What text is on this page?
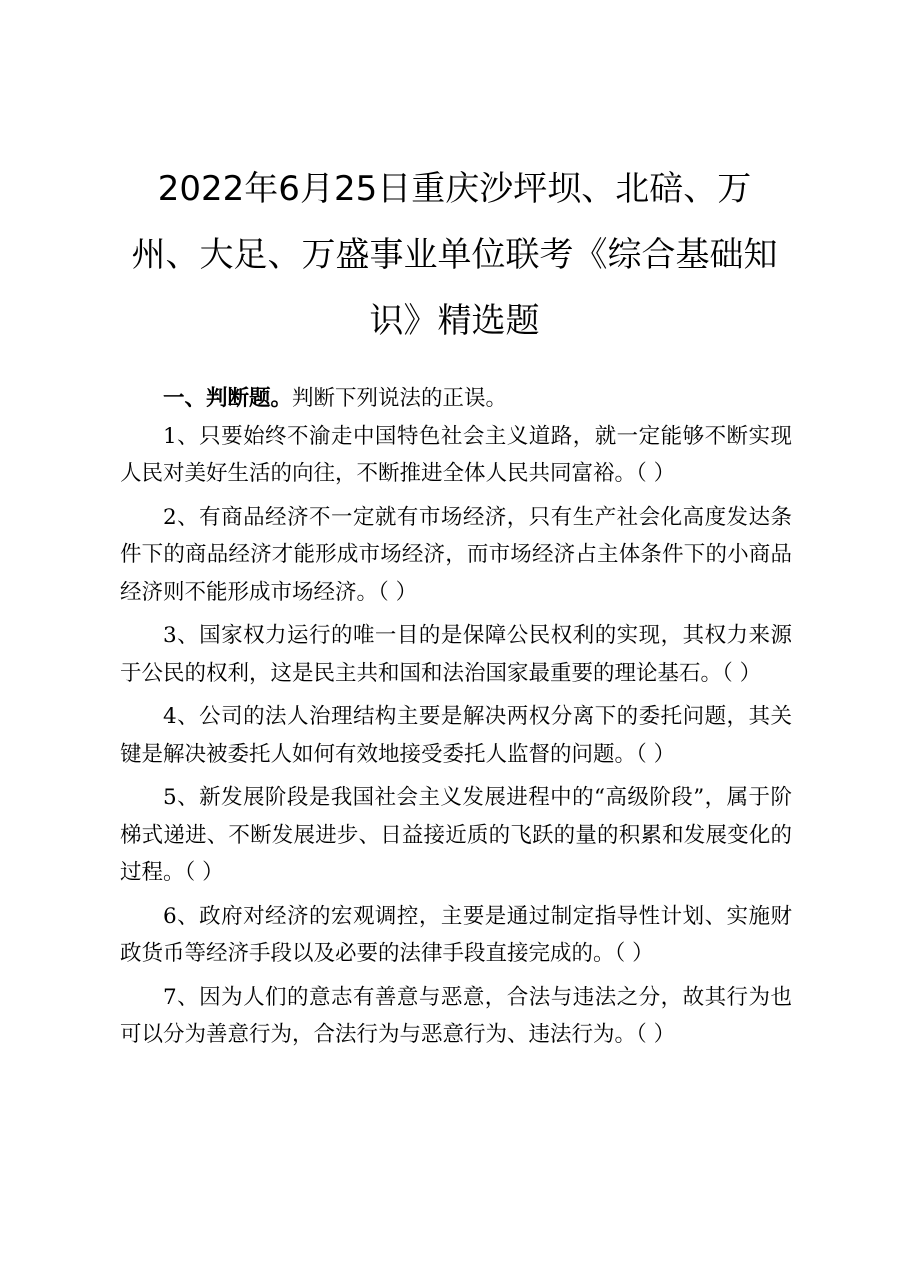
2022年6月25日重庆沙坪坝、北碚、万
州、大足、万盛事业单位联考《综合基础知
识》精选题

一、判断题。判断下列说法的正误。

1、只要始终不渝走中国特色社会主义道路，就一定能够不断实现人民对美好生活的向往，不断推进全体人民共同富裕。（ ）

2、有商品经济不一定就有市场经济，只有生产社会化高度发达条件下的商品经济才能形成市场经济，而市场经济占主体条件下的小商品经济则不能形成市场经济。（ ）

3、国家权力运行的唯一目的是保障公民权利的实现，其权力来源于公民的权利，这是民主共和国和法治国家最重要的理论基石。（ ）

4、公司的法人治理结构主要是解决两权分离下的委托问题，其关键是解决被委托人如何有效地接受委托人监督的问题。（ ）

5、新发展阶段是我国社会主义发展进程中的“高级阶段”，属于阶梯式递进、不断发展进步、日益接近质的飞跃的量的积累和发展变化的过程。（ ）

6、政府对经济的宏观调控，主要是通过制定指导性计划、实施财政货币等经济手段以及必要的法律手段直接完成的。（ ）

7、因为人们的意志有善意与恶意，合法与违法之分，故其行为也可以分为善意行为，合法行为与恶意行为、违法行为。（ ）
